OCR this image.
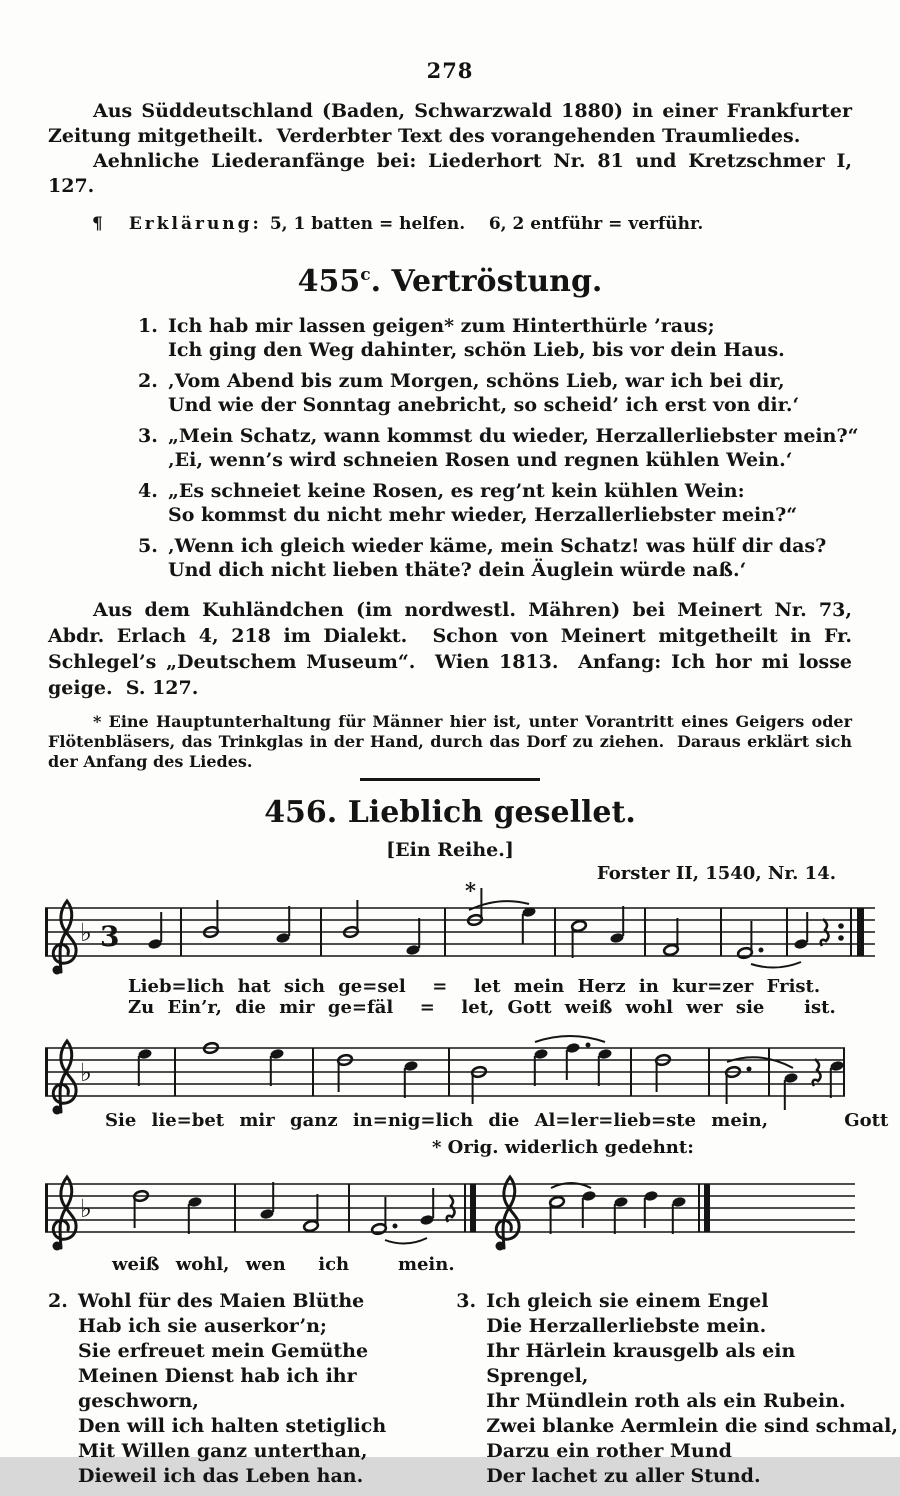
278
Aus Süddeutschland (Baden, Schwarzwald 1880) in einer Frankfurter Zeitung mitgetheilt.  Verderbter Text des vorangehenden Traumliedes.
Aehnliche Liederanfänge bei: Liederhort Nr. 81 und Kretzschmer I, 127.
¶ Erklärung: 5, 1 batten = helfen.    6, 2 entführ = verführ.
455$^c$. Vertröstung.
1. Ich hab mir lassen geigen* zum Hinterthürle ’raus;
Ich ging den Weg dahinter, schön Lieb, bis vor dein Haus.
2. ‚Vom Abend bis zum Morgen, schöns Lieb, war ich bei dir,
Und wie der Sonntag anebricht, so scheid’ ich erst von dir.‘
3. „Mein Schatz, wann kommst du wieder, Herzallerliebster mein?“
‚Ei, wenn’s wird schneien Rosen und regnen kühlen Wein.‘
4. „Es schneiet keine Rosen, es reg’nt kein kühlen Wein:
So kommst du nicht mehr wieder, Herzallerliebster mein?“
5. ‚Wenn ich gleich wieder käme, mein Schatz! was hülf dir das?
Und dich nicht lieben thäte? dein Äuglein würde naß.‘
Aus dem Kuhländchen (im nordwestl. Mähren) bei Meinert Nr. 73, Abdr. Erlach 4, 218 im Dialekt.  Schon von Meinert mitgetheilt in Fr. Schlegel’s „Deutschem Museum“.  Wien 1813.  Anfang: Ich hor mi losse geige.  S. 127.
* Eine Hauptunterhaltung für Männer hier ist, unter Vorantritt eines Geigers oder Flötenbläsers, das Trinkglas in der Hand, durch das Dorf zu ziehen.  Daraus erklärt sich der Anfang des Liedes.
456. Lieblich gesellet.
[Ein Reihe.]
Forster II, 1540, Nr. 14.
♭ 3
*
Lieb=lich hat sich ge=sel  =  let mein Herz in kur=zer Frist.
Zu Ein’r, die mir ge=fäl  =  let, Gott weiß wohl wer sie   ist.
♭
Sie lie=bet mir ganz in=nig=lich die Al=ler=lieb=ste mein,     Gott
* Orig. widerlich gedehnt:
♭
weiß wohl, wen  ich   mein.
2. Wohl für des Maien Blüthe
Hab ich sie auserkor’n;
Sie erfreuet mein Gemüthe
Meinen Dienst hab ich ihr geschworn,
Den will ich halten stetiglich
Mit Willen ganz unterthan,
Dieweil ich das Leben han.
3. Ich gleich sie einem Engel
Die Herzallerliebste mein.
Ihr Härlein krausgelb als ein Sprengel,
Ihr Mündlein roth als ein Rubein.
Zwei blanke Aermlein die sind schmal,
Darzu ein rother Mund
Der lachet zu aller Stund.
